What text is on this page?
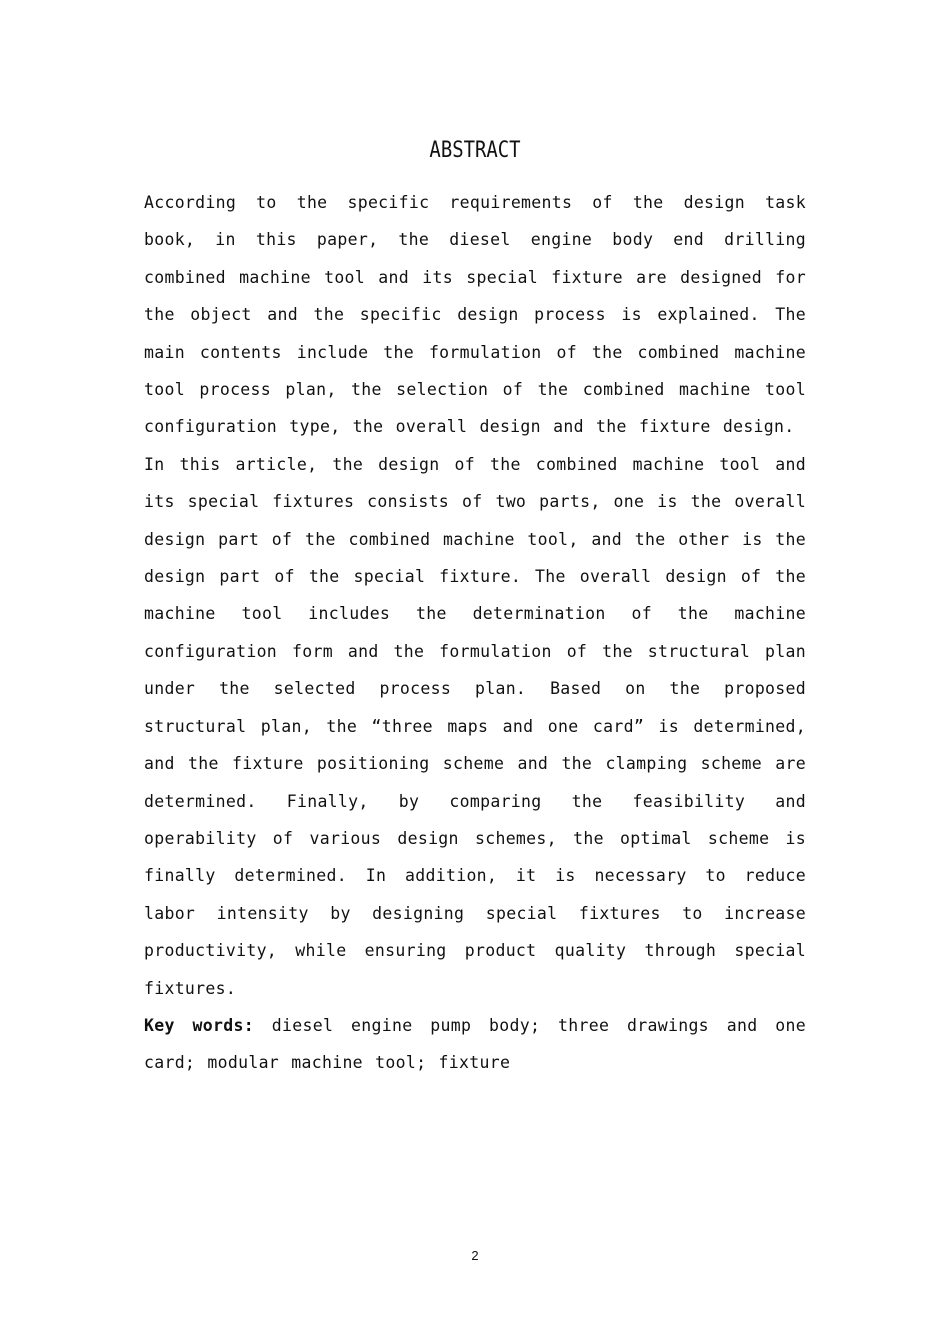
ABSTRACT

According to the specific requirements of the design task book, in this paper, the diesel engine body end drilling combined machine tool and its special fixture are designed for the object and the specific design process is explained. The main contents include the formulation of the combined machine tool process plan, the selection of the combined machine tool configuration type, the overall design and the fixture design.

In this article, the design of the combined machine tool and its special fixtures consists of two parts, one is the overall design part of the combined machine tool, and the other is the design part of the special fixture. The overall design of the machine tool includes the determination of the machine configuration form and the formulation of the structural plan under the selected process plan. Based on the proposed structural plan, the “three maps and one card” is determined, and the fixture positioning scheme and the clamping scheme are determined. Finally, by comparing the feasibility and operability of various design schemes, the optimal scheme is finally determined. In addition, it is necessary to reduce labor intensity by designing special fixtures to increase productivity, while ensuring product quality through special fixtures.

Key words: diesel engine pump body; three drawings and one card; modular machine tool; fixture

2
